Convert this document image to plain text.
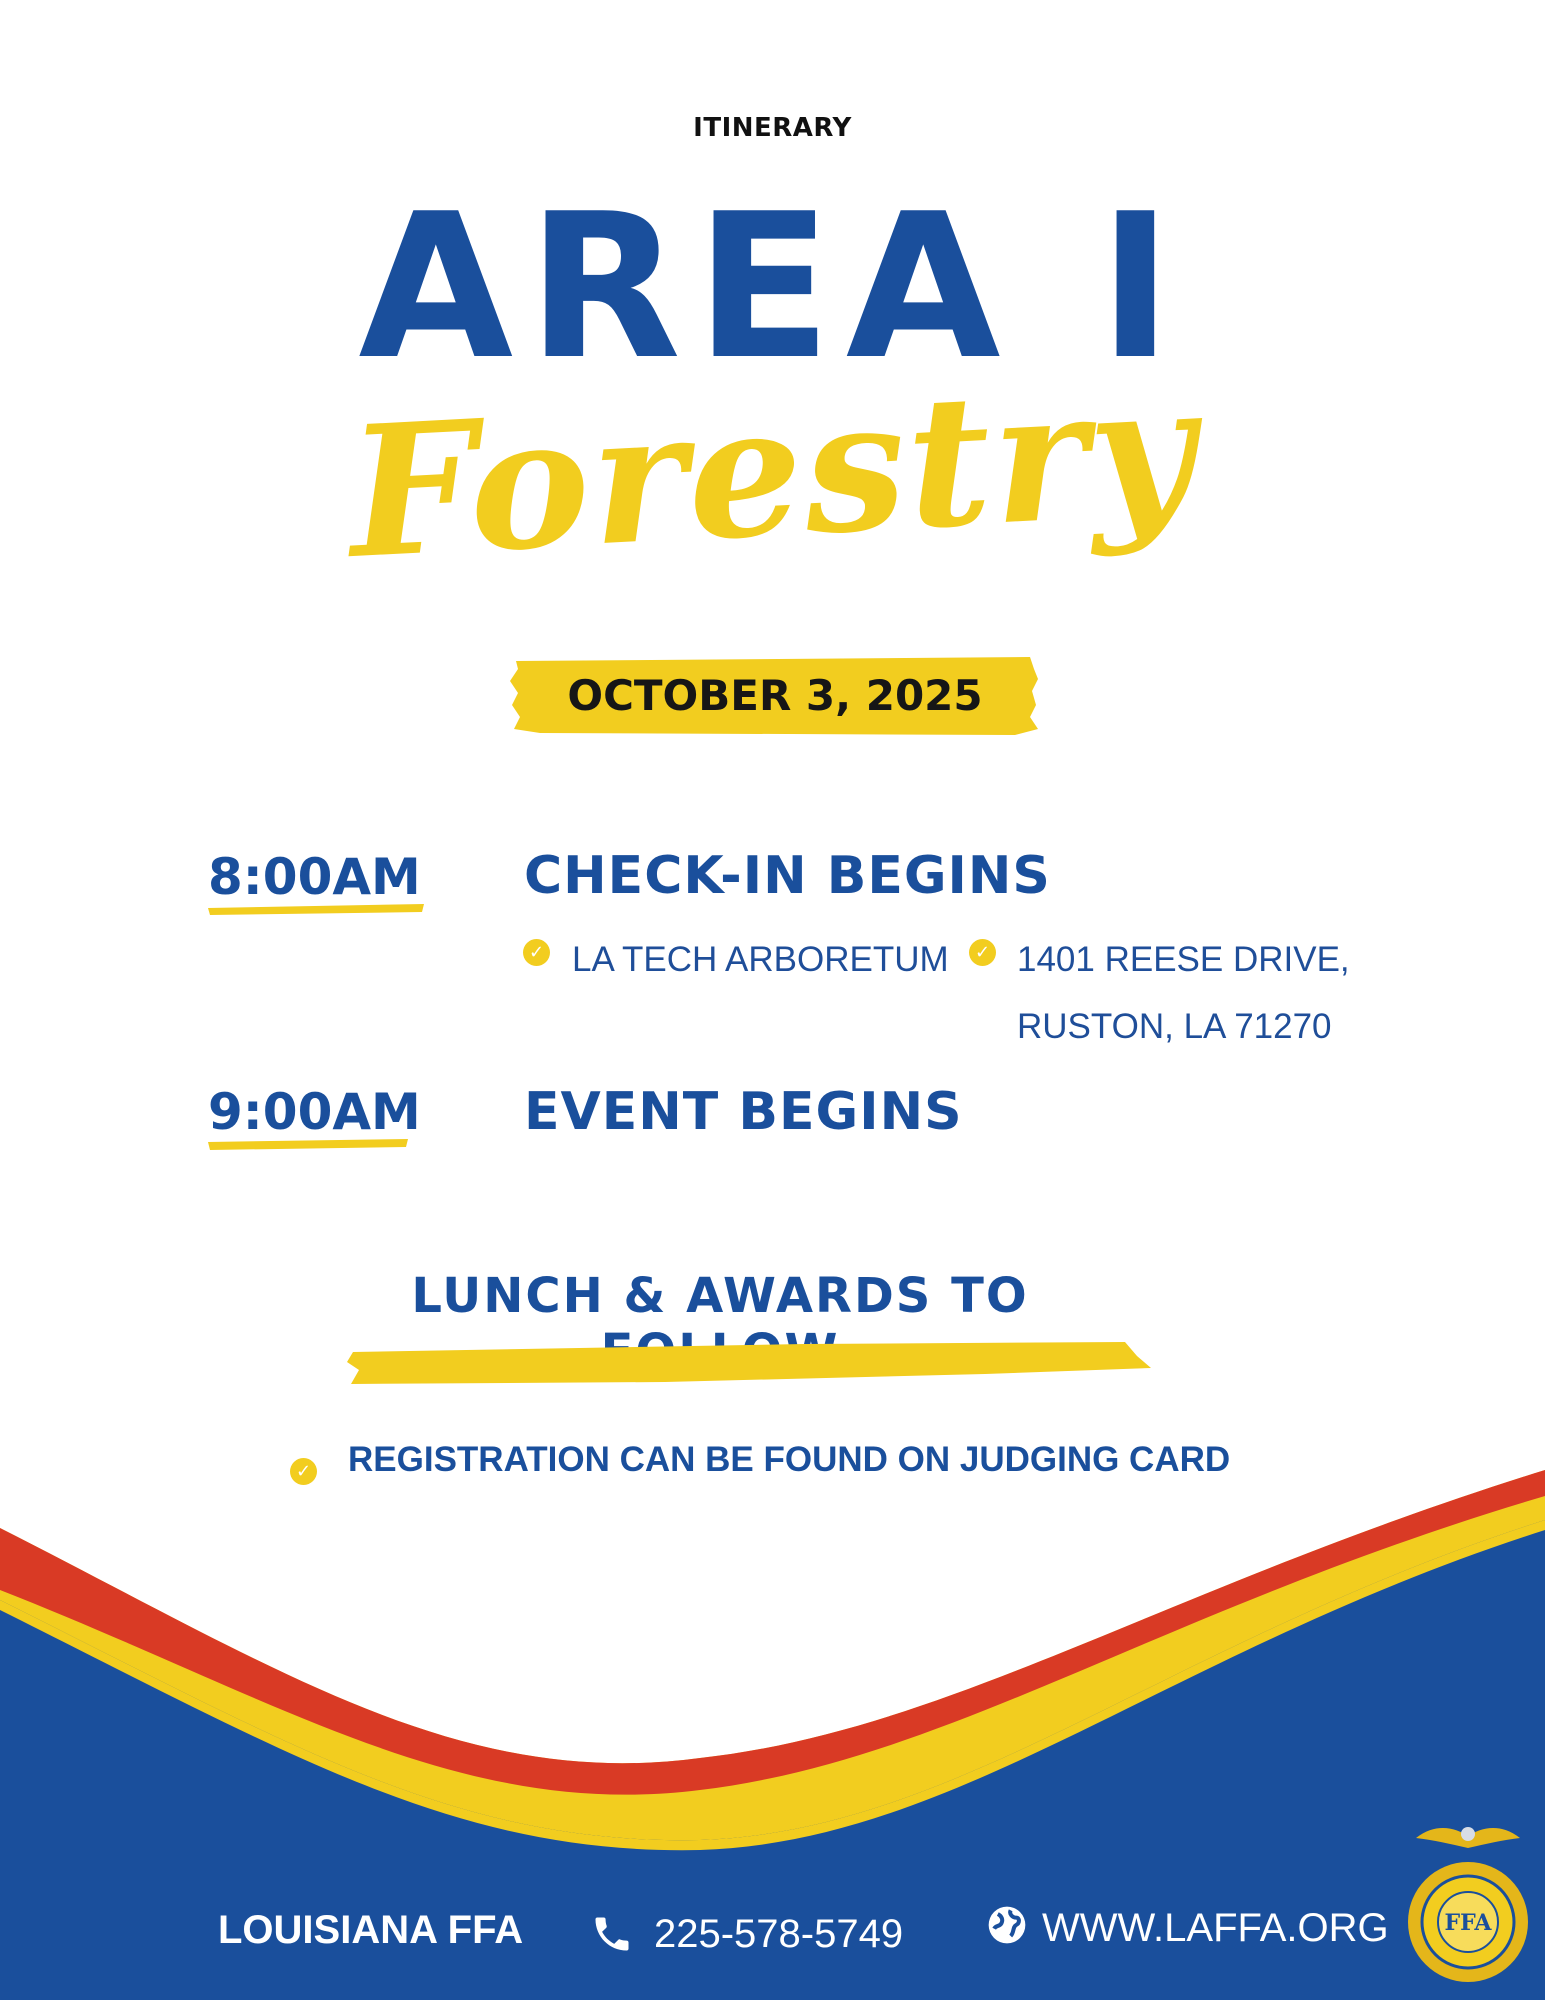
ITINERARY
AREA I
Forestry
OCTOBER 3, 2025
8:00AM CHECK-IN BEGINS
✓ LA TECH ARBORETUM	✓ 1401 REESE DRIVE,
RUSTON, LA 71270
9:00AM EVENT BEGINS
LUNCH & AWARDS TO
✓ REGISTRATION CAN BE FOUND ON JUDGING CARD
LOUISIANA FFA	225-578-5749	WWW.LAFFA.ORG	FFA
